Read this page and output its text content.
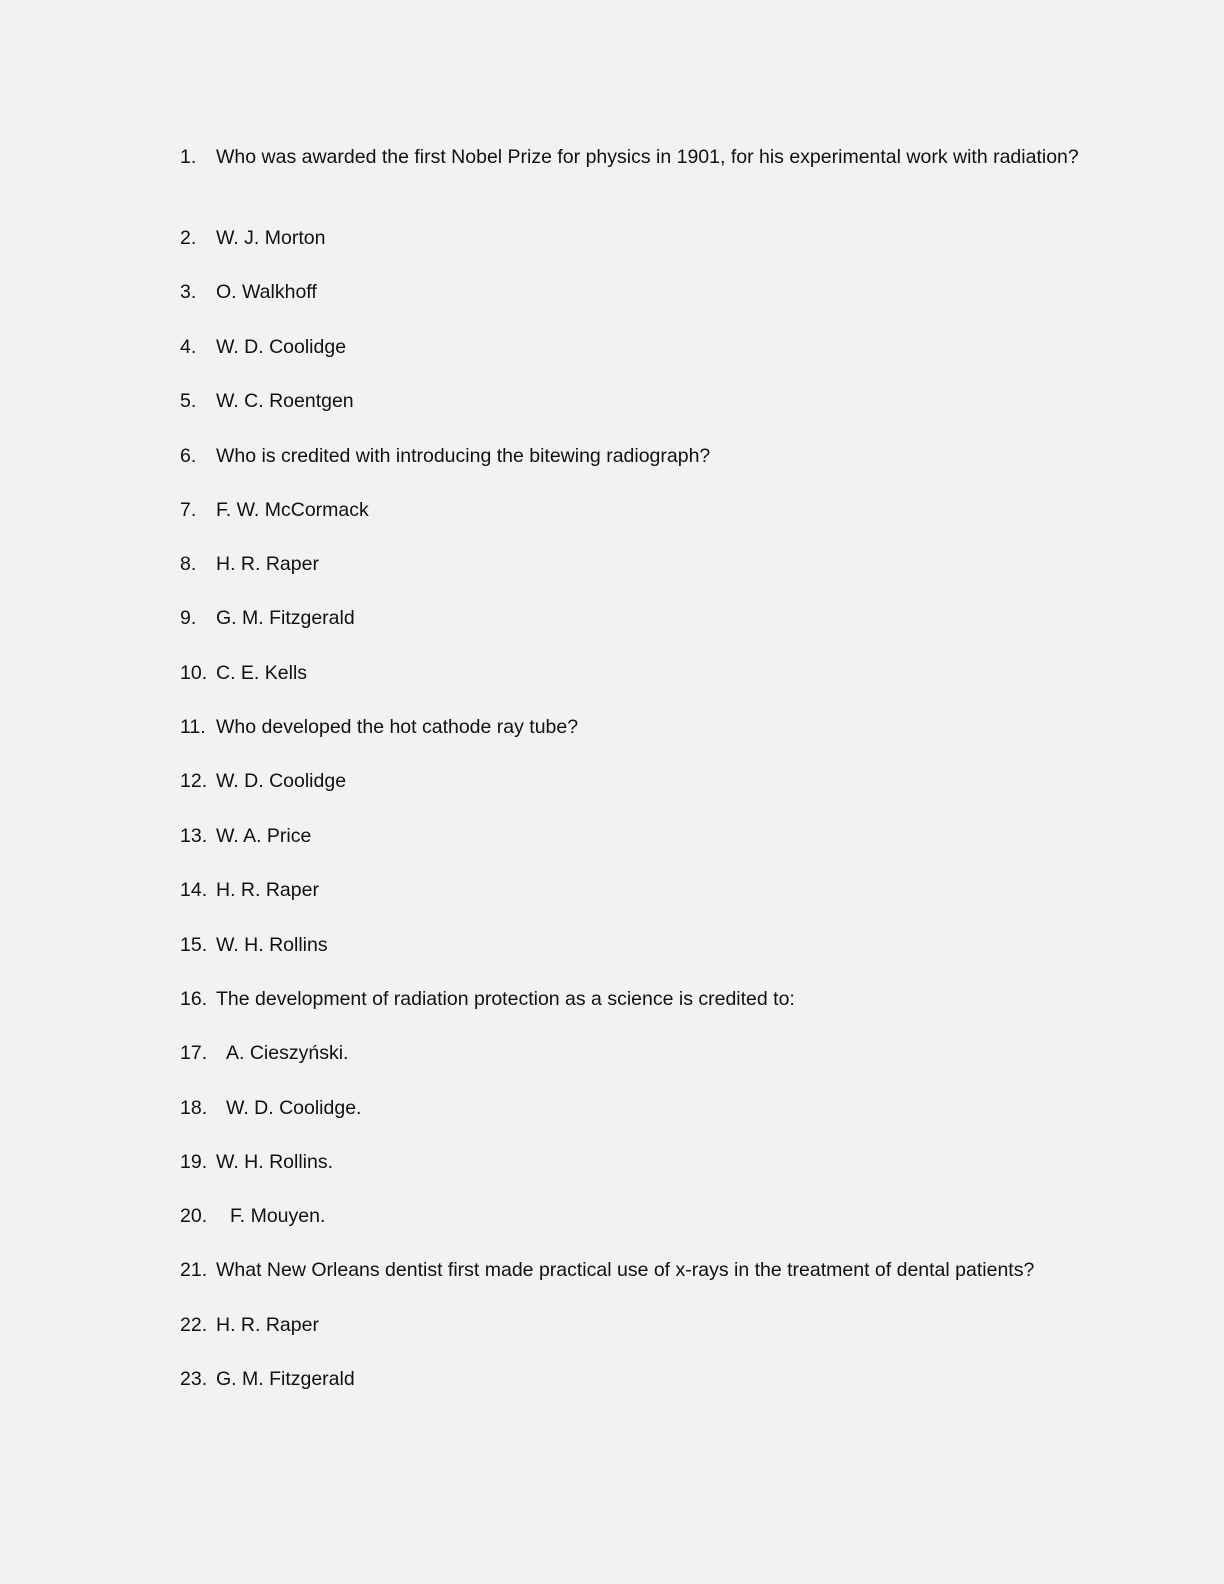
1. Who was awarded the first Nobel Prize for physics in 1901, for his experimental work with radiation?
2. W. J. Morton
3. O. Walkhoff
4. W. D. Coolidge
5. W. C. Roentgen
6. Who is credited with introducing the bitewing radiograph?
7. F. W. McCormack
8. H. R. Raper
9. G. M. Fitzgerald
10. C. E. Kells
11. Who developed the hot cathode ray tube?
12. W. D. Coolidge
13. W. A. Price
14. H. R. Raper
15. W. H. Rollins
16. The development of radiation protection as a science is credited to:
17. A. Cieszyński.
18. W. D. Coolidge.
19. W. H. Rollins.
20. F. Mouyen.
21. What New Orleans dentist first made practical use of x-rays in the treatment of dental patients?
22. H. R. Raper
23. G. M. Fitzgerald
